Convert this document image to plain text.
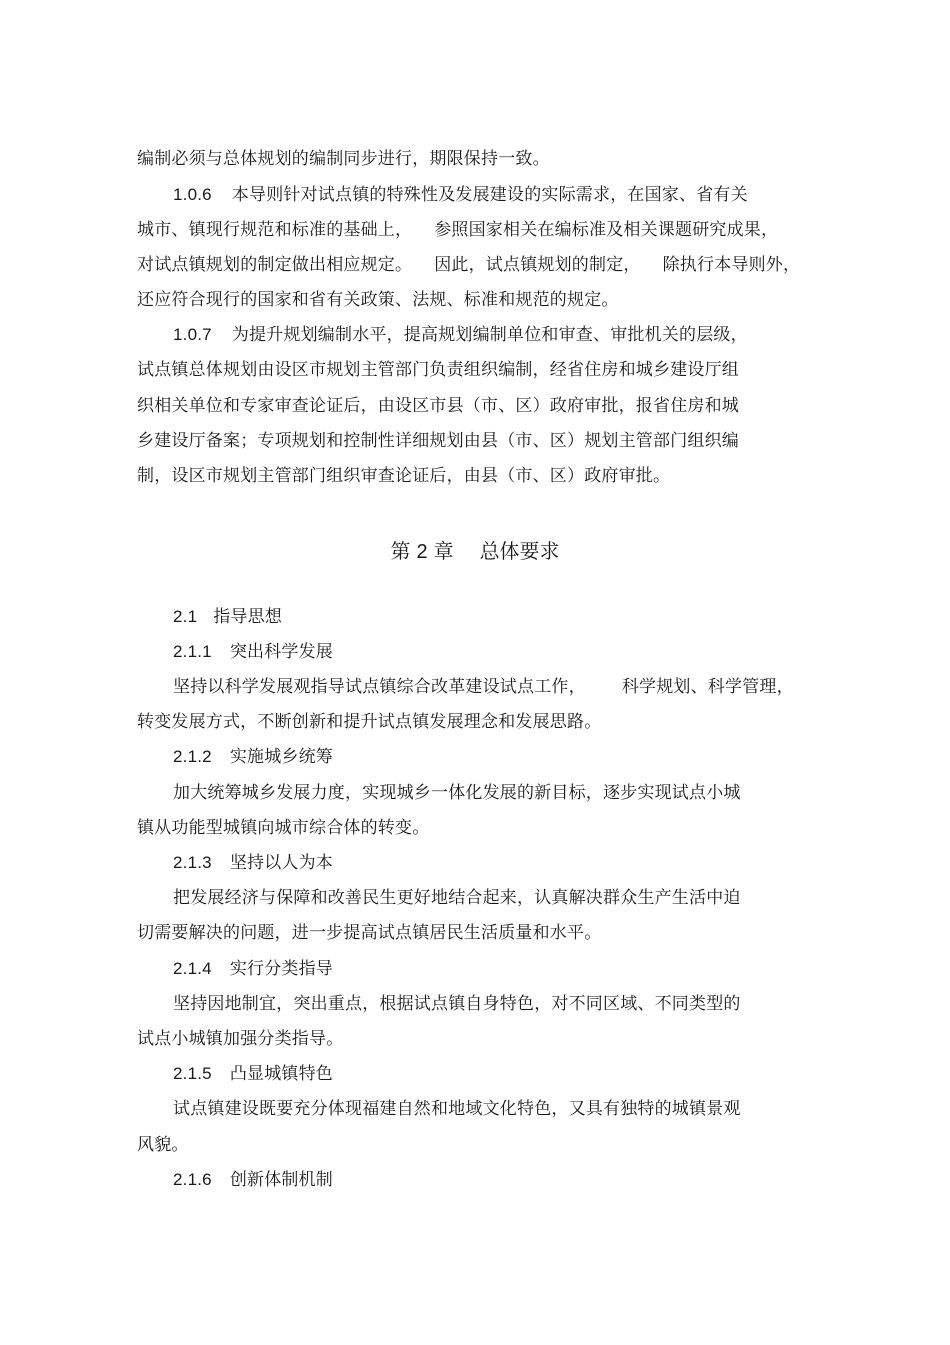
编制必须与总体规划的编制同步进行，期限保持一致。
1.0.6 本导则针对试点镇的特殊性及发展建设的实际需求，在国家、省有关
城市、镇现行规范和标准的基础上， 参照国家相关在编标准及相关课题研究成果，
对试点镇规划的制定做出相应规定。 因此，试点镇规划的制定， 除执行本导则外，
还应符合现行的国家和省有关政策、法规、标准和规范的规定。
1.0.7 为提升规划编制水平，提高规划编制单位和审查、审批机关的层级，
试点镇总体规划由设区市规划主管部门负责组织编制，经省住房和城乡建设厅组
织相关单位和专家审查论证后，由设区市县（市、区）政府审批，报省住房和城
乡建设厅备案；专项规划和控制性详细规划由县（市、区）规划主管部门组织编
制，设区市规划主管部门组织审查论证后，由县（市、区）政府审批。
第 2 章 总体要求
2.1 指导思想
2.1.1 突出科学发展
坚持以科学发展观指导试点镇综合改革建设试点工作， 科学规划、科学管理，
转变发展方式，不断创新和提升试点镇发展理念和发展思路。
2.1.2 实施城乡统筹
加大统筹城乡发展力度，实现城乡一体化发展的新目标，逐步实现试点小城
镇从功能型城镇向城市综合体的转变。
2.1.3 坚持以人为本
把发展经济与保障和改善民生更好地结合起来，认真解决群众生产生活中迫
切需要解决的问题，进一步提高试点镇居民生活质量和水平。
2.1.4 实行分类指导
坚持因地制宜，突出重点，根据试点镇自身特色，对不同区域、不同类型的
试点小城镇加强分类指导。
2.1.5 凸显城镇特色
试点镇建设既要充分体现福建自然和地域文化特色，又具有独特的城镇景观
风貌。
2.1.6 创新体制机制
